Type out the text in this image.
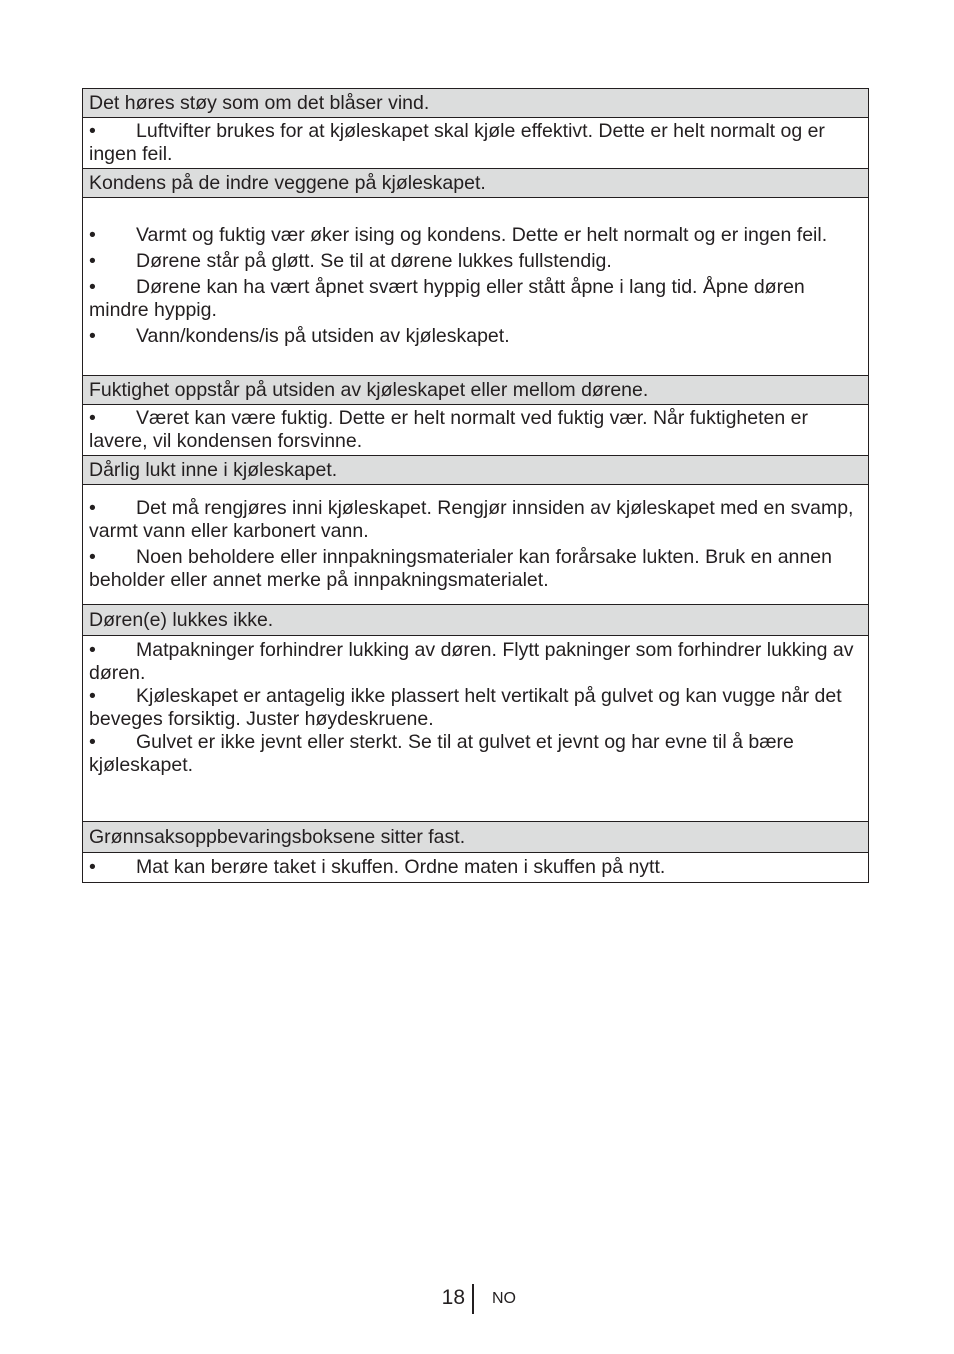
Det høres støy som om det blåser vind.

• Luftvifter brukes for at kjøleskapet skal kjøle effektivt. Dette er helt normalt og er ingen feil.

Kondens på de indre veggene på kjøleskapet.

• Varmt og fuktig vær øker ising og kondens. Dette er helt normalt og er ingen feil.

• Dørene står på gløtt. Se til at dørene lukkes fullstendig.

• Dørene kan ha vært åpnet svært hyppig eller stått åpne i lang tid. Åpne døren mindre hyppig.

• Vann/kondens/is på utsiden av kjøleskapet.

Fuktighet oppstår på utsiden av kjøleskapet eller mellom dørene.

• Været kan være fuktig. Dette er helt normalt ved fuktig vær. Når fuktigheten er lavere, vil kondensen forsvinne.

Dårlig lukt inne i kjøleskapet.

• Det må rengjøres inni kjøleskapet. Rengjør innsiden av kjøleskapet med en svamp, varmt vann eller karbonert vann.

• Noen beholdere eller innpakningsmaterialer kan forårsake lukten. Bruk en annen beholder eller annet merke på innpakningsmaterialet.

Døren(e) lukkes ikke.

• Matpakninger forhindrer lukking av døren. Flytt pakninger som forhindrer lukking av døren.

• Kjøleskapet er antagelig ikke plassert helt vertikalt på gulvet og kan vugge når det beveges forsiktig. Juster høydeskruene.

• Gulvet er ikke jevnt eller sterkt. Se til at gulvet et jevnt og har evne til å bære kjøleskapet.

Grønnsaksoppbevaringsboksene sitter fast.

• Mat kan berøre taket i skuffen. Ordne maten i skuffen på nytt.

18 NO
